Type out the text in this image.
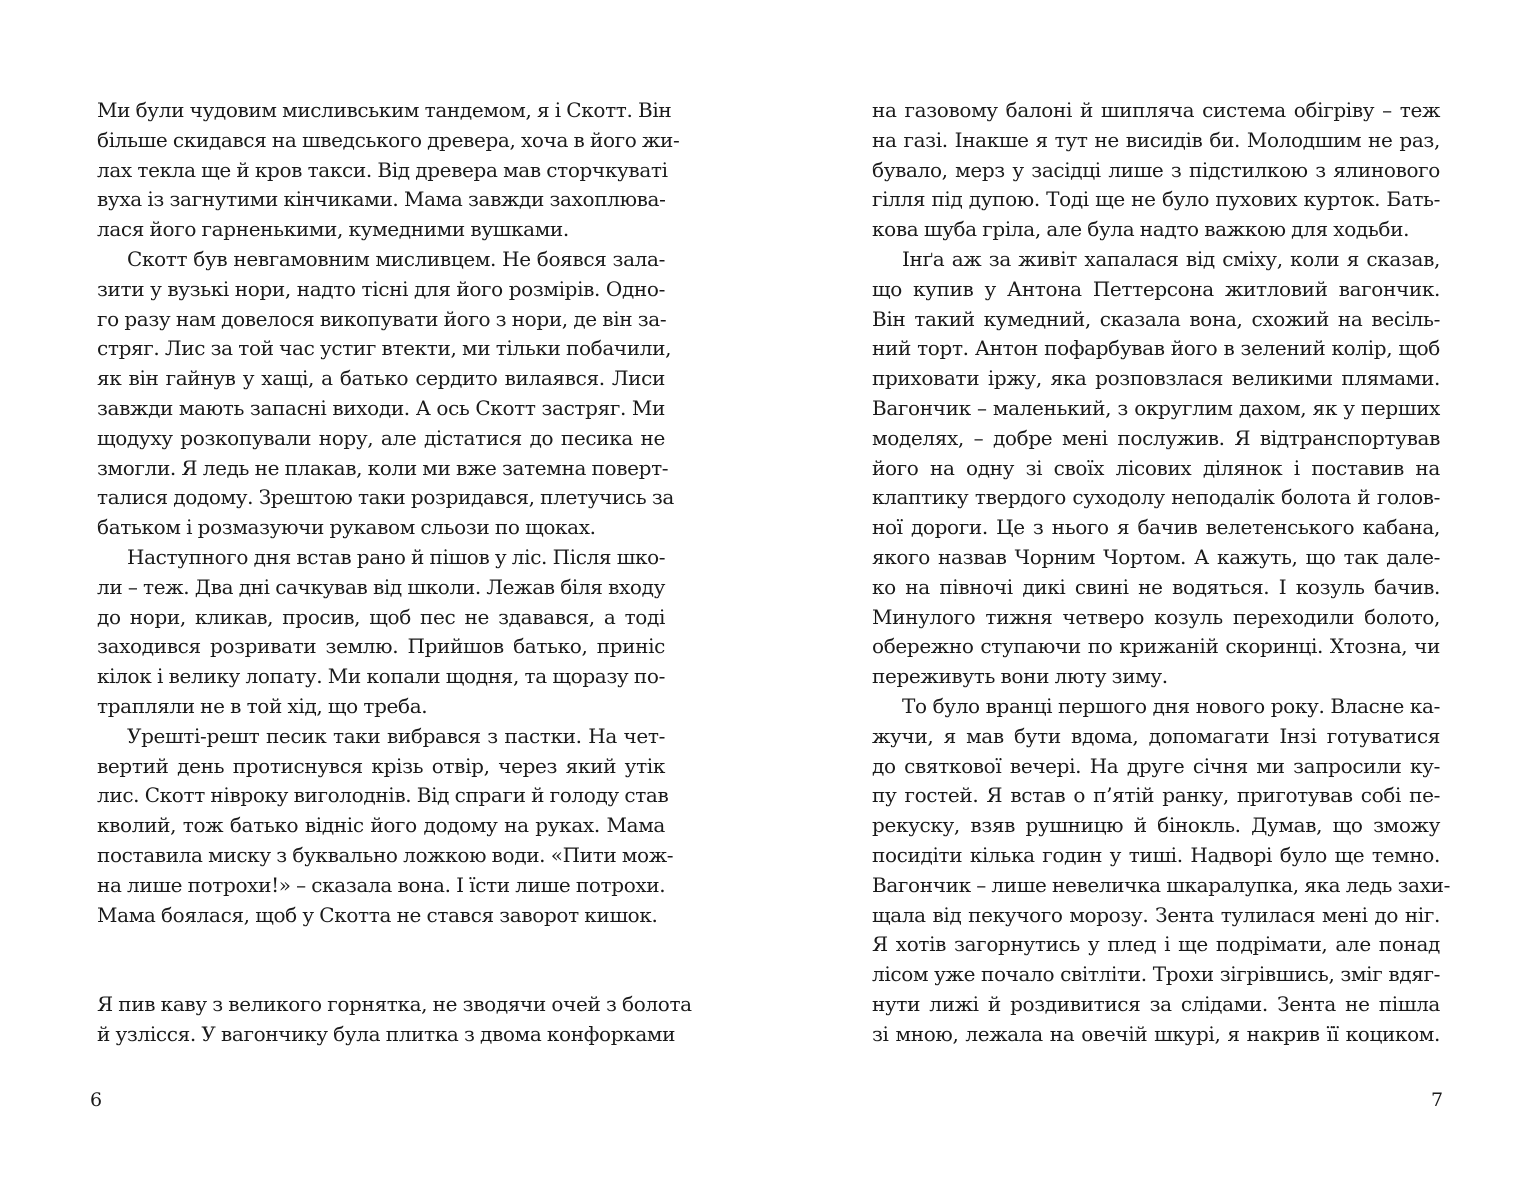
Ми були чудовим мисливським тандемом, я і Скотт. Він
більше скидався на шведського древера, хоча в його жи-
лах текла ще й кров такси. Від древера мав сторчкуваті
вуха із загнутими кінчиками. Мама завжди захоплюва-
лася його гарненькими, кумедними вушками.
Скотт був невгамовним мисливцем. Не боявся зала-
зити у вузькі нори, надто тісні для його розмірів. Одно-
го разу нам довелося викопувати його з нори, де він за-
стряг. Лис за той час устиг втекти, ми тільки побачили,
як він гайнув у хащі, а батько сердито вилаявся. Лиси
завжди мають запасні виходи. А ось Скотт застряг. Ми
щодуху розкопували нору, але дістатися до песика не
змогли. Я ледь не плакав, коли ми вже затемна поверт-
талися додому. Зрештою таки розридався, плетучись за
батьком і розмазуючи рукавом сльози по щоках.
Наступного дня встав рано й пішов у ліс. Після шко-
ли – теж. Два дні сачкував від школи. Лежав біля входу
до нори, кликав, просив, щоб пес не здавався, а тоді
заходився розривати землю. Прийшов батько, приніс
кілок і велику лопату. Ми копали щодня, та щоразу по-
трапляли не в той хід, що треба.
Урешті-решт песик таки вибрався з пастки. На чет-
вертий день протиснувся крізь отвір, через який утік
лис. Скотт нівроку виголоднів. Від спраги й голоду став
кволий, тож батько відніс його додому на руках. Мама
поставила миску з буквально ложкою води. «Пити мож-
на лише потрохи!» – сказала вона. І їсти лише потрохи.
Мама боялася, щоб у Скотта не стався заворот кишок.
Я пив каву з великого горнятка, не зводячи очей з болота
й узлісся. У вагончику була плитка з двома конфорками
на газовому балоні й шиплячa система обігріву – теж
на газі. Інакше я тут не висидів би. Молодшим не раз,
бувало, мерз у засідці лише з підстилкою з ялинового
гілля під дупою. Тоді ще не було пухових курток. Бать-
кова шуба гріла, але була надто важкою для ходьби.
Інґа аж за живіт хапалася від сміху, коли я сказав,
що купив у Антона Петтерсона житловий вагончик.
Він такий кумедний, сказала вона, схожий на весіль-
ний торт. Антон пофарбував його в зелений колір, щоб
приховати іржу, яка розповзлася великими плямами.
Вагончик – маленький, з округлим дахом, як у перших
моделях, – добре мені послужив. Я відтранспортував
його на одну зі своїх лісових ділянок і поставив на
клаптику твердого суходолу неподалік болота й голов-
ної дороги. Це з нього я бачив велетенського кабана,
якого назвав Чорним Чортом. А кажуть, що так дале-
ко на півночі дикі свині не водяться. І козуль бачив.
Минулого тижня четверо козуль переходили болото,
обережно ступаючи по крижаній скоринці. Хтозна, чи
переживуть вони люту зиму.
То було вранці першого дня нового року. Власне ка-
жучи, я мав бути вдома, допомагати Інзі готуватися
до святкової вечері. На друге січня ми запросили ку-
пу гостей. Я встав о п’ятій ранку, приготував собі пе-
рекуску, взяв рушницю й бінокль. Думав, що зможу
посидіти кілька годин у тиші. Надворі було ще темно.
Вагончик – лише невеличка шкаралупка, яка ледь захи-
щала від пекучого морозу. Зента тулилася мені до ніг.
Я хотів загорнутись у плед і ще подрімати, але понад
лісом уже почало світліти. Трохи зігрівшись, зміг вдяг-
нути лижі й роздивитися за слідами. Зента не пішла
зі мною, лежала на овечій шкурі, я накрив її коциком.
6	7
